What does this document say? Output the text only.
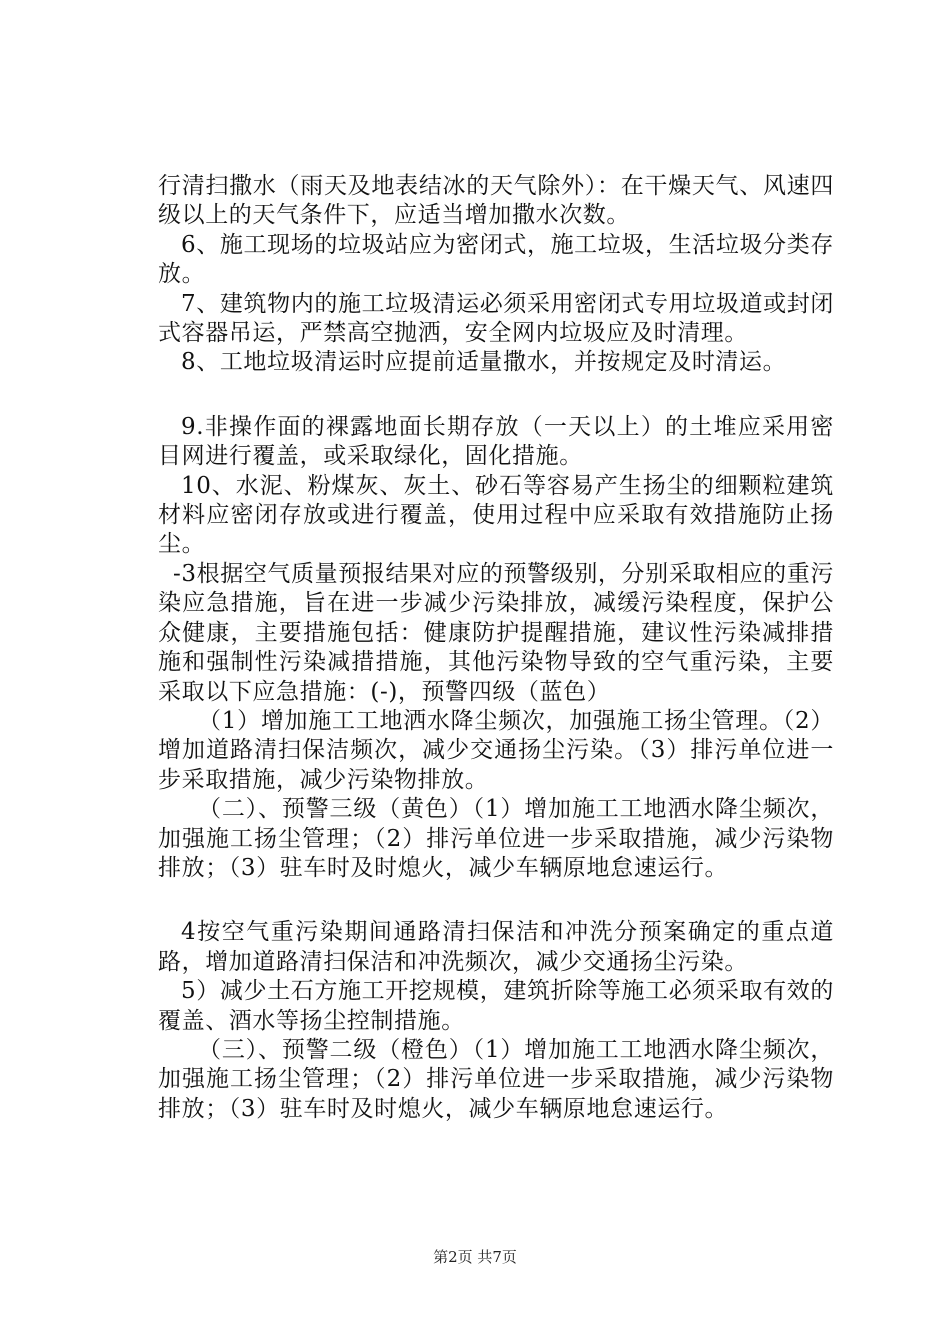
行清扫撒水（雨天及地表结冰的天气除外）：在干燥天气、风速四级以上的天气条件下，应适当增加撒水次数。

6、施工现场的垃圾站应为密闭式，施工垃圾，生活垃圾分类存放。

7、建筑物内的施工垃圾清运必须采用密闭式专用垃圾道或封闭式容器吊运，严禁高空抛洒，安全网内垃圾应及时清理。

8、工地垃圾清运时应提前适量撒水，并按规定及时清运。

9.非操作面的裸露地面长期存放（一天以上）的土堆应采用密目网进行覆盖，或采取绿化，固化措施。

10、水泥、粉煤灰、灰土、砂石等容易产生扬尘的细颗粒建筑材料应密闭存放或进行覆盖，使用过程中应采取有效措施防止扬尘。

-3根据空气质量预报结果对应的预警级别，分别采取相应的重污染应急措施，旨在进一步减少污染排放，减缓污染程度，保护公众健康，主要措施包括：健康防护提醒措施，建议性污染减排措施和强制性污染减措措施，其他污染物导致的空气重污染，主要采取以下应急措施：(-)，预警四级（蓝色）

（1）增加施工工地洒水降尘频次，加强施工扬尘管理。（2）增加道路清扫保洁频次，减少交通扬尘污染。（3）排污单位进一步采取措施，减少污染物排放。

（二）、预警三级（黄色）（1）增加施工工地洒水降尘频次，加强施工扬尘管理；（2）排污单位进一步采取措施，减少污染物排放；（3）驻车时及时熄火，减少车辆原地怠速运行。

4按空气重污染期间通路清扫保洁和冲洗分预案确定的重点道路，增加道路清扫保洁和冲洗频次，减少交通扬尘污染。

5）减少土石方施工开挖规模，建筑折除等施工必须采取有效的覆盖、酒水等扬尘控制措施。

（三）、预警二级（橙色）（1）增加施工工地洒水降尘频次，加强施工扬尘管理；（2）排污单位进一步采取措施，减少污染物排放；（3）驻车时及时熄火，减少车辆原地怠速运行。

第2页 共7页
